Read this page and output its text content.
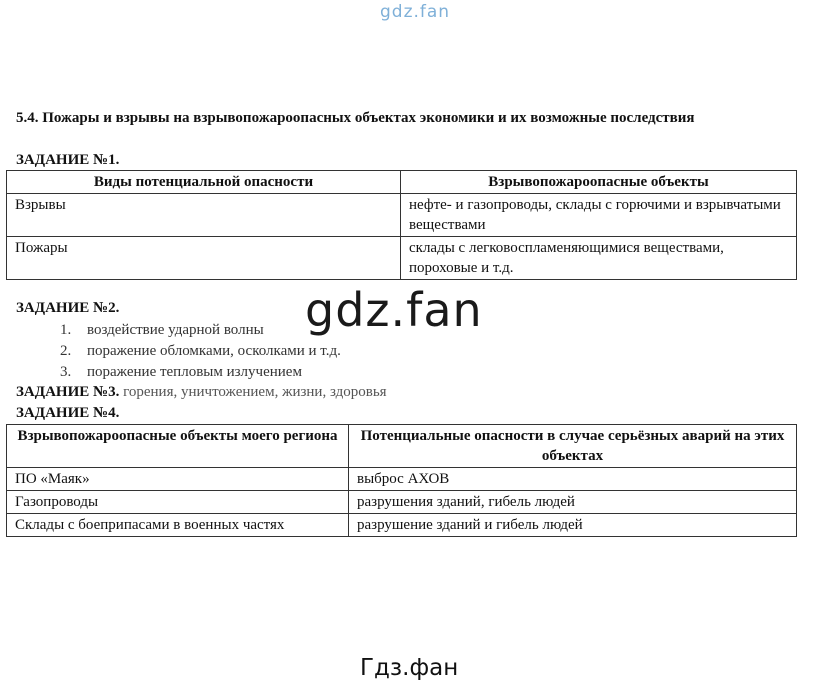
gdz.fan
5.4. Пожары и взрывы на взрывопожароопасных объектах экономики и их возможные последствия
ЗАДАНИЕ №1.
Виды потенциальной опасности	Взрывопожароопасные объекты
Взрывы	нефте- и газопроводы, склады с горючими и взрывчатыми веществами
Пожары	склады с легковоспламеняющимися веществами, пороховые и т.д.
ЗАДАНИЕ №2.
1. воздействие ударной волны
2. поражение обломками, осколками и т.д.
3. поражение тепловым излучением
ЗАДАНИЕ №3. горения, уничтожением, жизни, здоровья
ЗАДАНИЕ №4.
Взрывопожароопасные объекты моего региона	Потенциальные опасности в случае серьёзных аварий на этих объектах
ПО «Маяк»	выброс АХОВ
Газопроводы	разрушения зданий, гибель людей
Склады с боеприпасами в военных частях	разрушение зданий и гибель людей
gdz.fan
Гдз.фан
